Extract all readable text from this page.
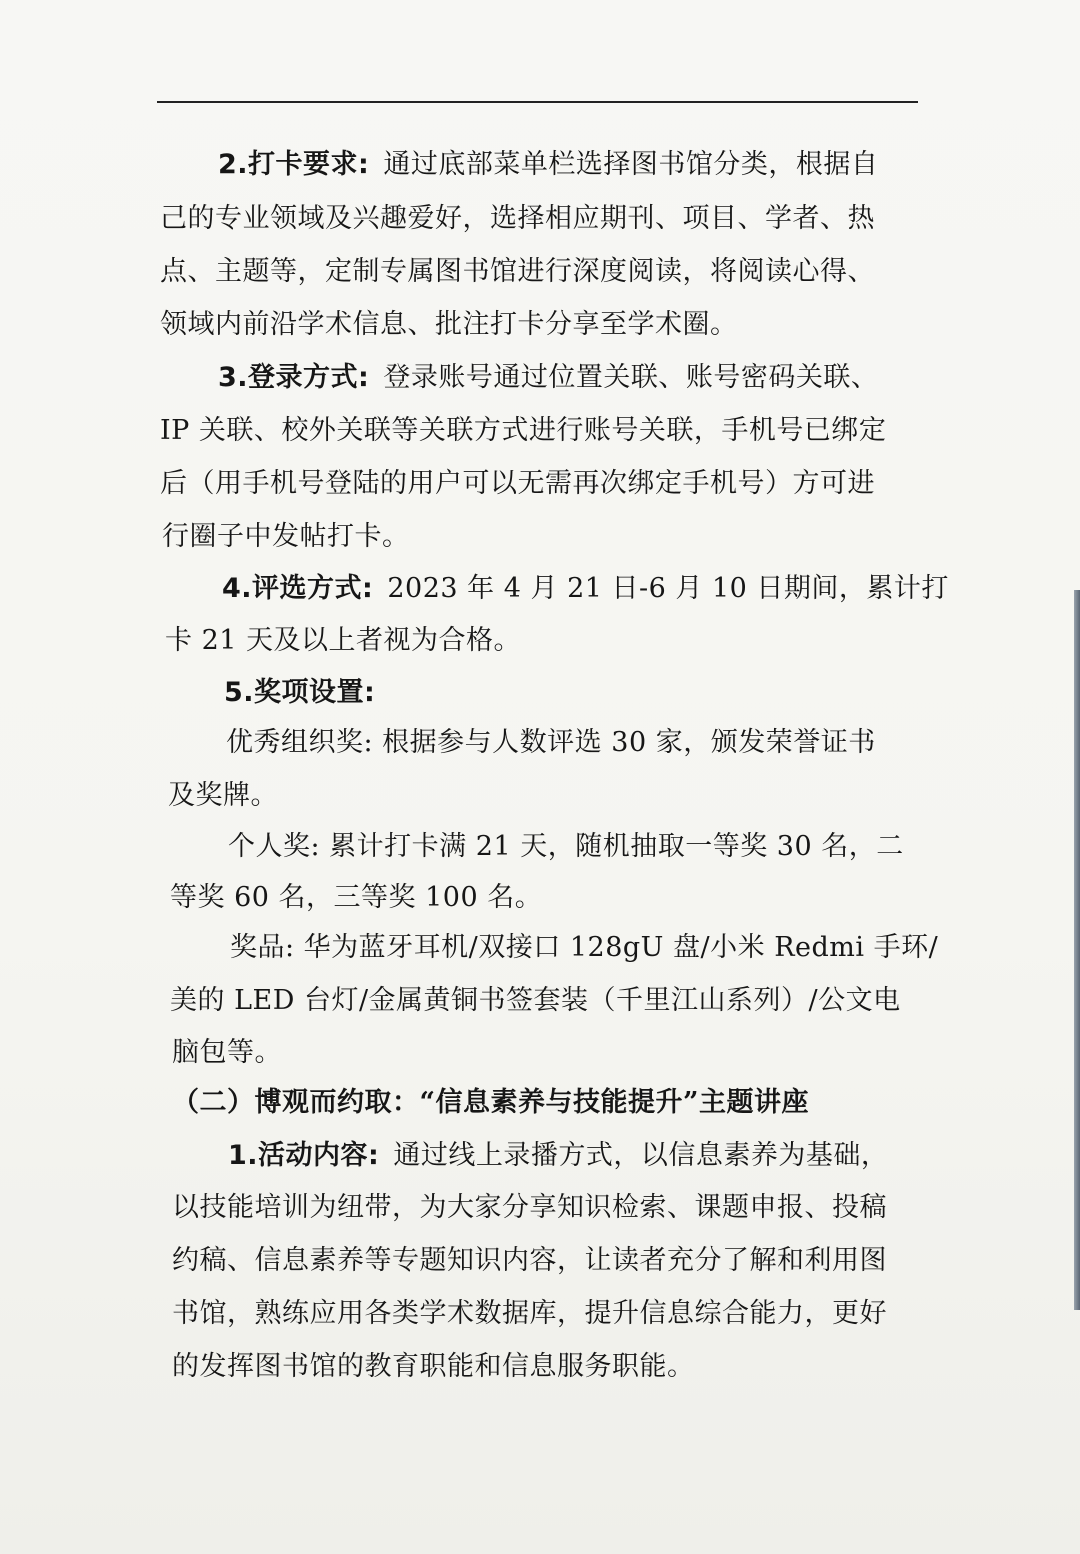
2.打卡要求: 通过底部菜单栏选择图书馆分类，根据自
己的专业领域及兴趣爱好，选择相应期刊、项目、学者、热
点、主题等，定制专属图书馆进行深度阅读，将阅读心得、
领域内前沿学术信息、批注打卡分享至学术圈。
3.登录方式: 登录账号通过位置关联、账号密码关联、
IP 关联、校外关联等关联方式进行账号关联，手机号已绑定
后（用手机号登陆的用户可以无需再次绑定手机号）方可进
行圈子中发帖打卡。
4.评选方式: 2023 年 4 月 21 日-6 月 10 日期间，累计打
卡 21 天及以上者视为合格。
5.奖项设置:
优秀组织奖: 根据参与人数评选 30 家，颁发荣誉证书
及奖牌。
个人奖: 累计打卡满 21 天，随机抽取一等奖 30 名，二
等奖 60 名，三等奖 100 名。
奖品: 华为蓝牙耳机/双接口 128gU 盘/小米 Redmi 手环/
美的 LED 台灯/金属黄铜书签套装（千里江山系列）/公文电
脑包等。
（二）博观而约取：“信息素养与技能提升”主题讲座
1.活动内容: 通过线上录播方式，以信息素养为基础，
以技能培训为纽带，为大家分享知识检索、课题申报、投稿
约稿、信息素养等专题知识内容，让读者充分了解和利用图
书馆，熟练应用各类学术数据库，提升信息综合能力，更好
的发挥图书馆的教育职能和信息服务职能。
